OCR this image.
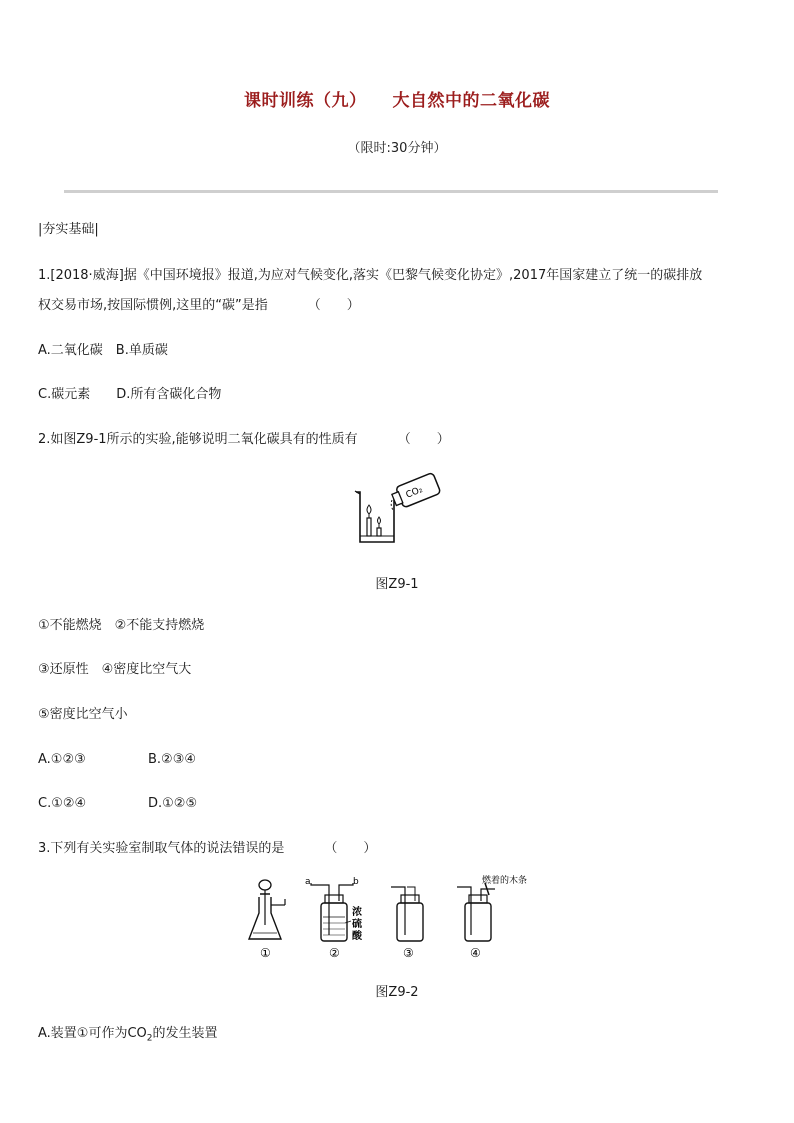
课时训练（九） 大自然中的二氧化碳
（限时:30分钟）
|夯实基础|
1.[2018·威海]据《中国环境报》报道,为应对气候变化,落实《巴黎气候变化协定》,2017年国家建立了统一的碳排放
权交易市场,按国际惯例,这里的“碳”是指	（　　）
A.二氧化碳　B.单质碳
C.碳元素　　D.所有含碳化合物
2.如图Z9-1所示的实验,能够说明二氧化碳具有的性质有	（　　）
CO₂
图Z9-1
①不能燃烧　②不能支持燃烧
③还原性　④密度比空气大
⑤密度比空气小
A.①②③	B.②③④
C.①②④	D.①②⑤
3.下列有关实验室制取气体的说法错误的是	（　　）
①
a	b
浓
硫
酸
②	③
燃着的木条
④
图Z9-2
A.装置①可作为$CO_2$的发生装置
